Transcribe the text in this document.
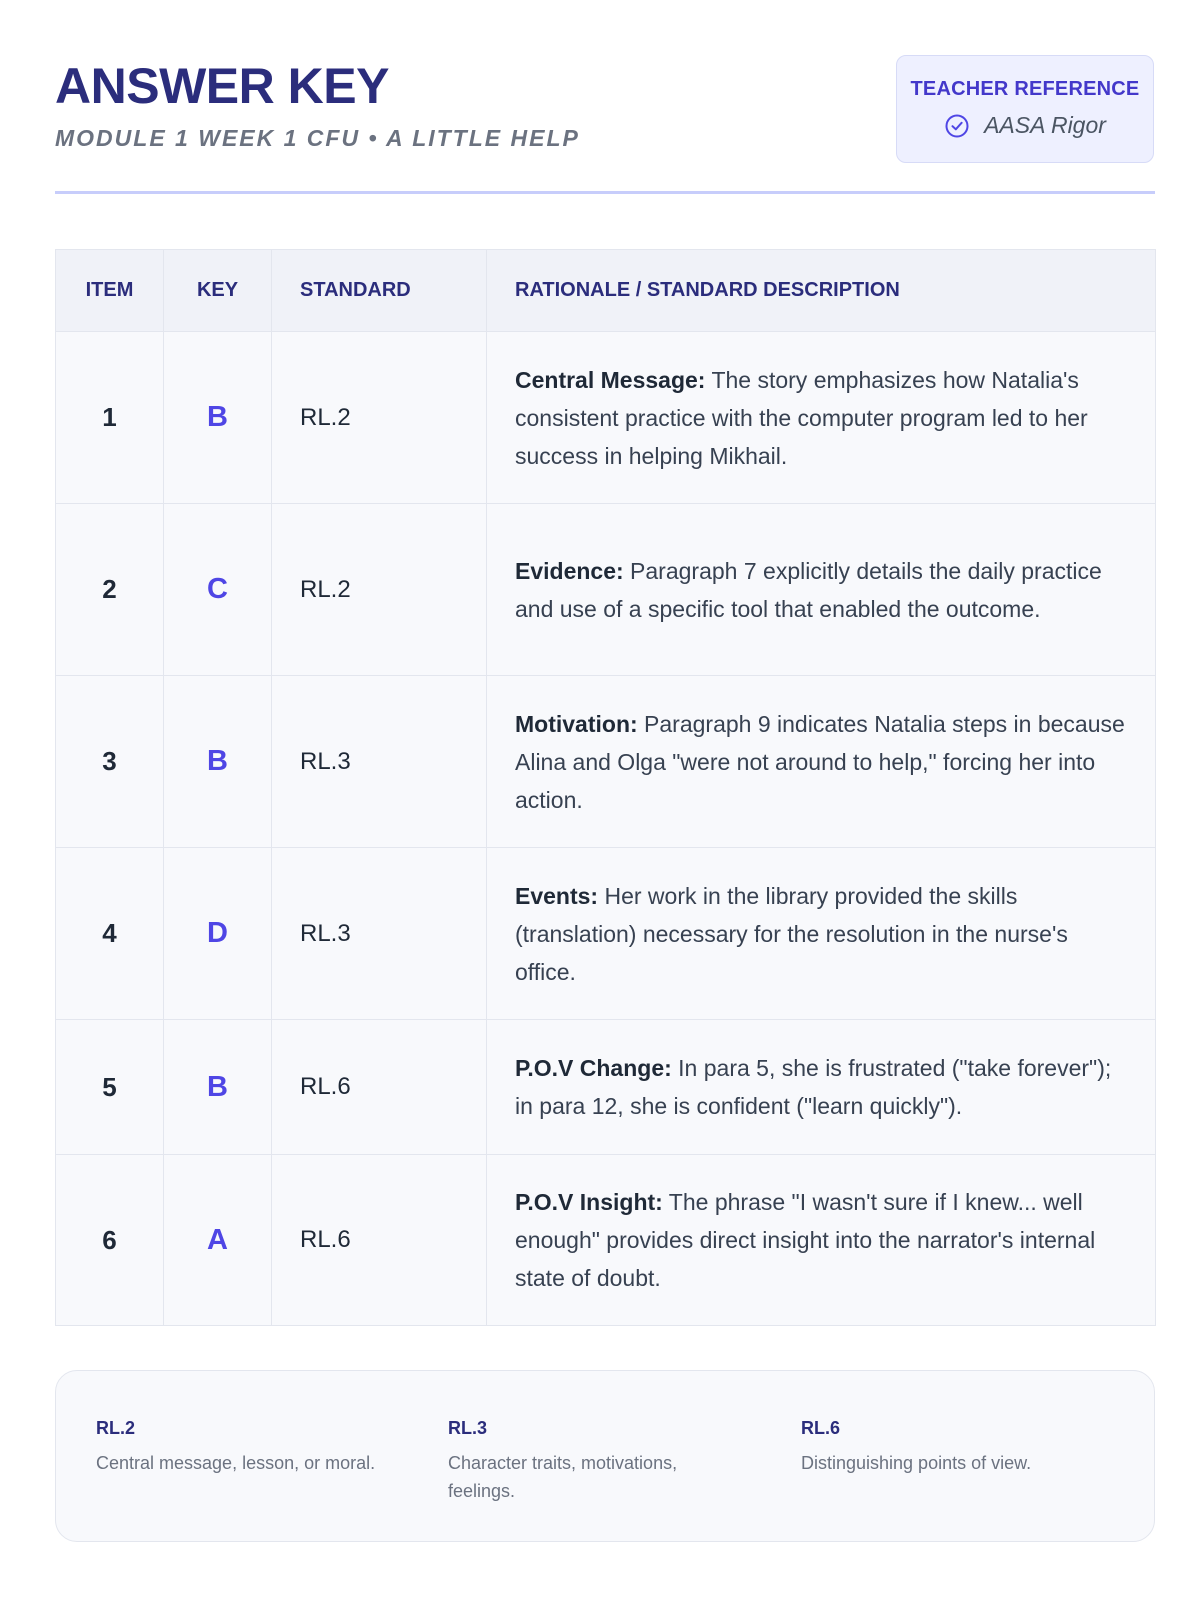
ANSWER KEY
MODULE 1 WEEK 1 CFU • A LITTLE HELP
TEACHER REFERENCE
AASA Rigor
ITEM	KEY	STANDARD	RATIONALE / STANDARD DESCRIPTION
1	B	RL.2	Central Message: The story emphasizes how Natalia's consistent practice with the computer program led to her success in helping Mikhail.
2	C	RL.2	Evidence: Paragraph 7 explicitly details the daily practice and use of a specific tool that enabled the outcome.
3	B	RL.3	Motivation: Paragraph 9 indicates Natalia steps in because Alina and Olga "were not around to help," forcing her into action.
4	D	RL.3	Events: Her work in the library provided the skills (translation) necessary for the resolution in the nurse's office.
5	B	RL.6	P.O.V Change: In para 5, she is frustrated ("take forever"); in para 12, she is confident ("learn quickly").
6	A	RL.6	P.O.V Insight: The phrase "I wasn't sure if I knew... well enough" provides direct insight into the narrator's internal state of doubt.
RL.2
Central message, lesson, or moral.
RL.3
Character traits, motivations, feelings.
RL.6
Distinguishing points of view.
